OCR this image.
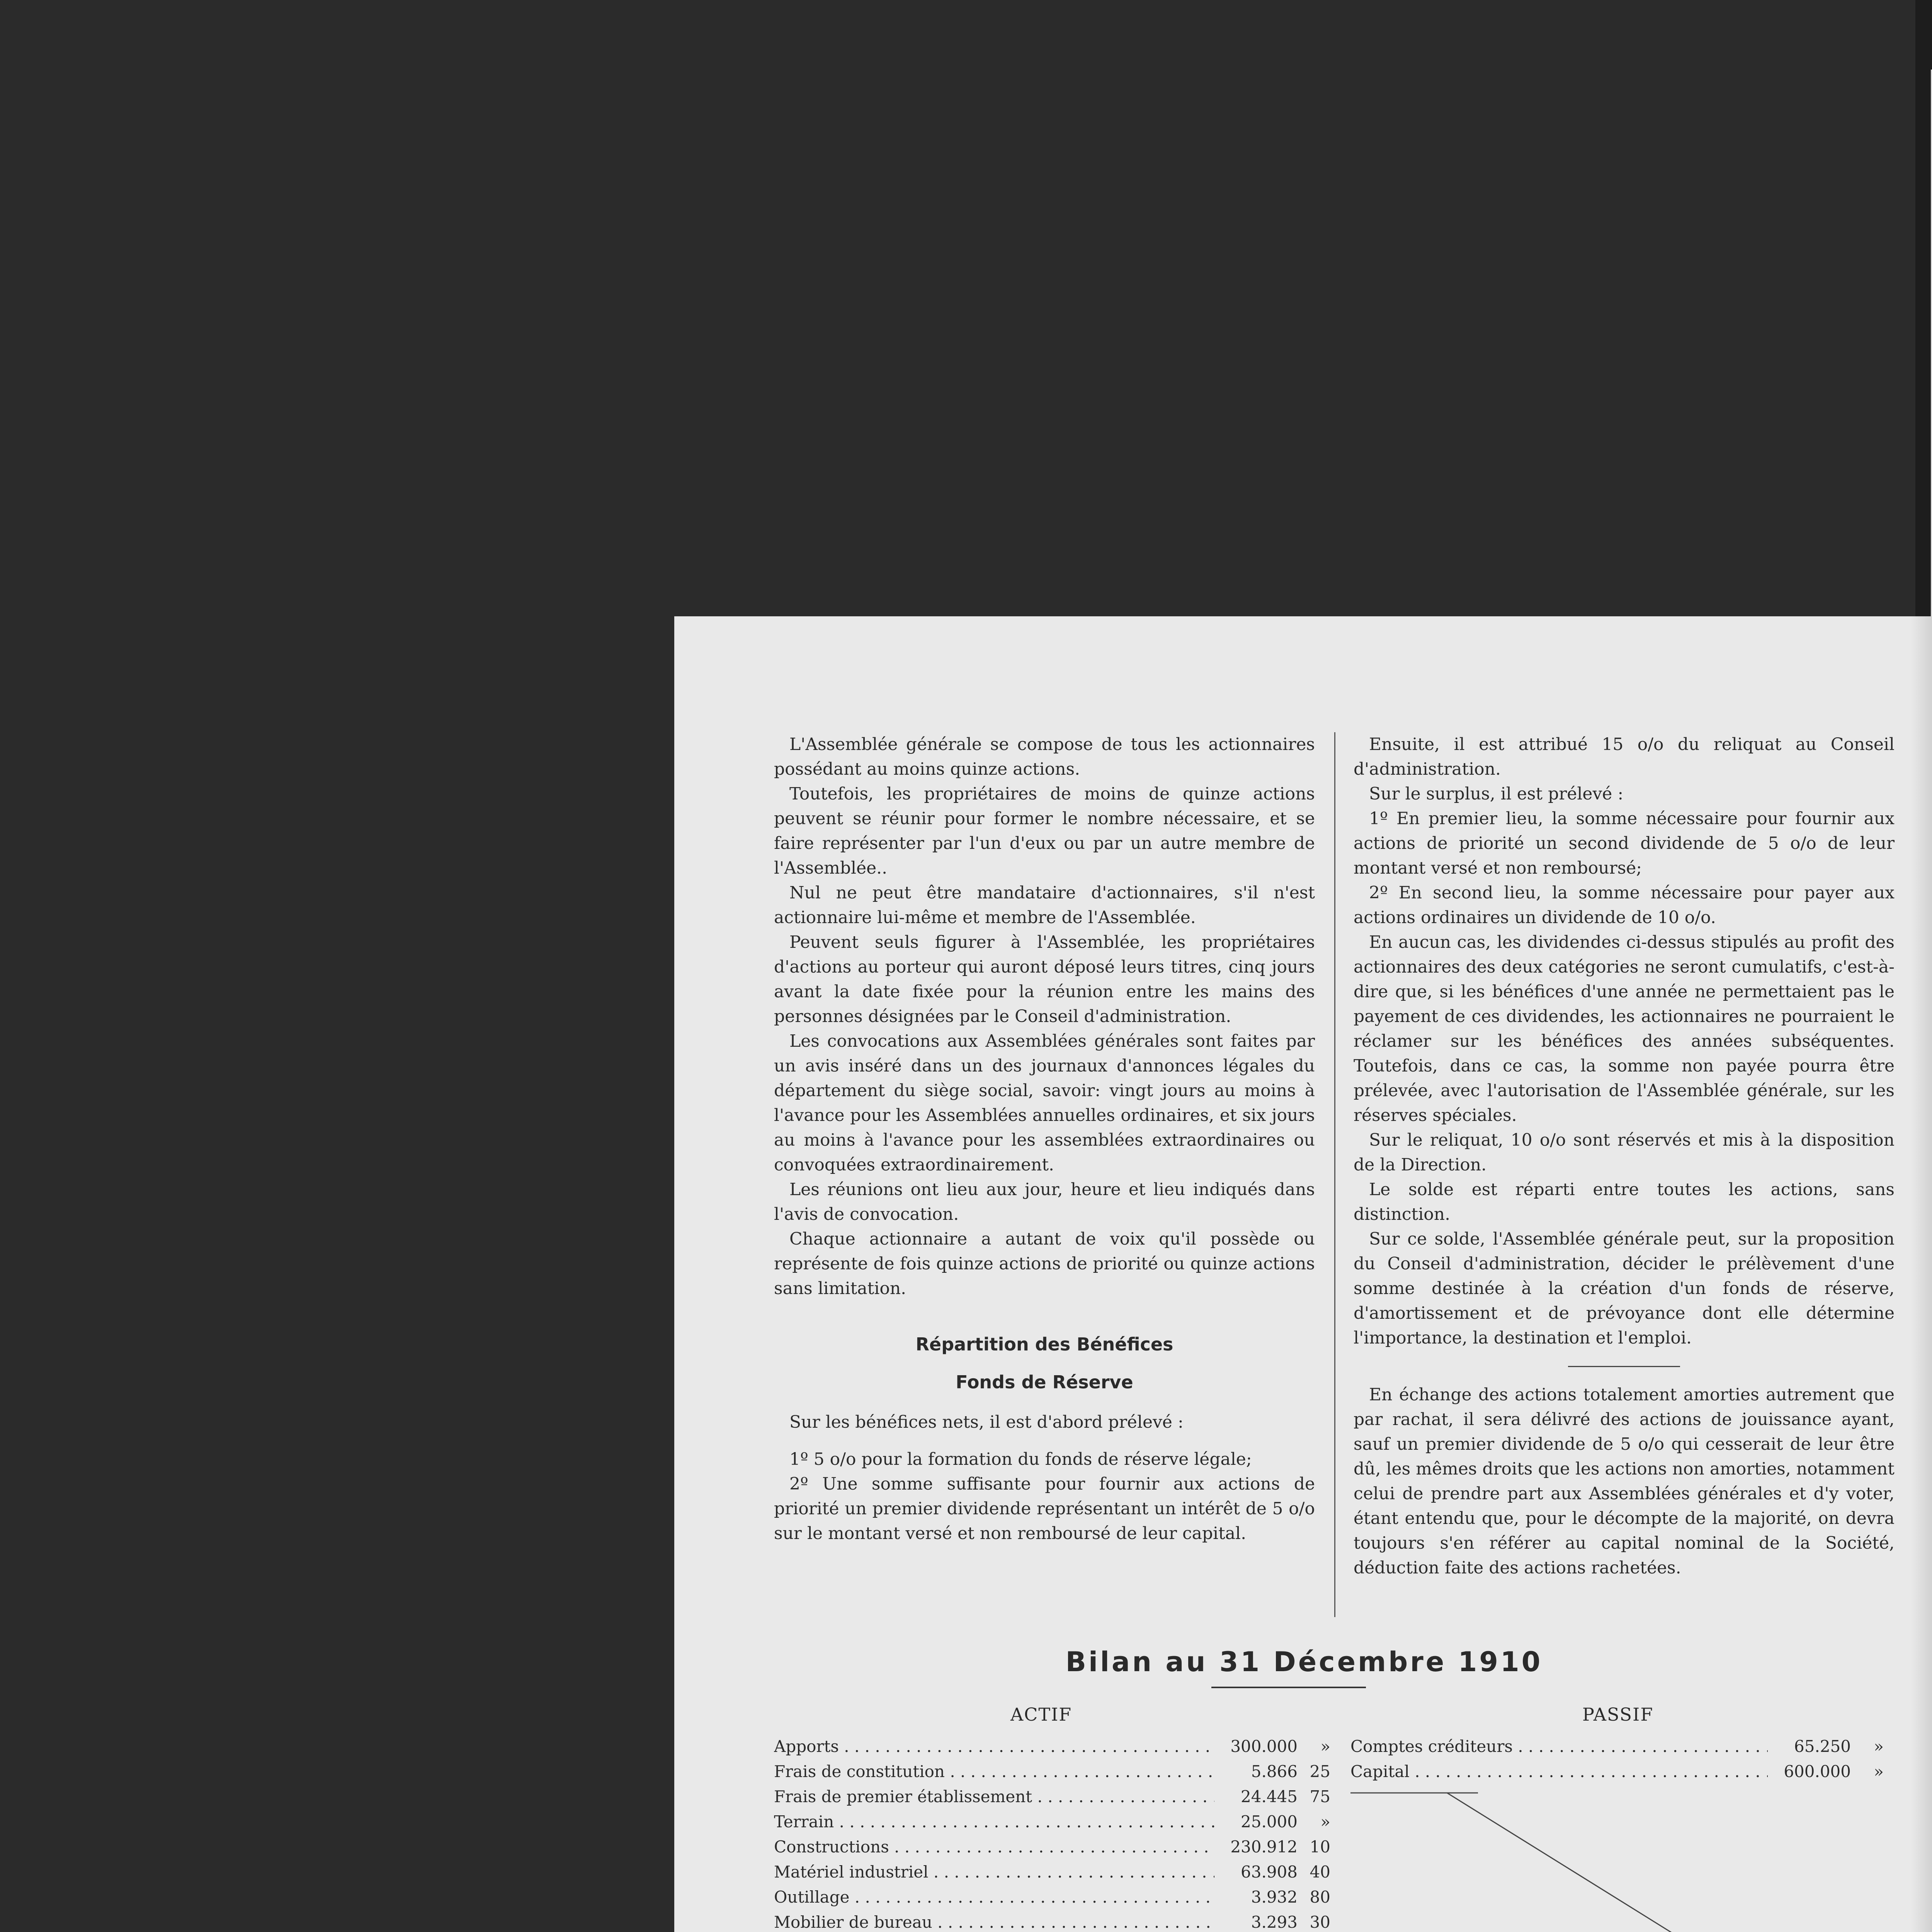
L'Assemblée générale se compose de tous les actionnaires possédant au moins quinze actions.

Toutefois, les propriétaires de moins de quinze actions peuvent se réunir pour former le nombre nécessaire, et se faire représenter par l'un d'eux ou par un autre membre de l'Assemblée..

Nul ne peut être mandataire d'actionnaires, s'il n'est actionnaire lui-même et membre de l'Assemblée.

Peuvent seuls figurer à l'Assemblée, les propriétaires d'actions au porteur qui auront déposé leurs titres, cinq jours avant la date fixée pour la réunion entre les mains des personnes désignées par le Conseil d'administration.

Les convocations aux Assemblées générales sont faites par un avis inséré dans un des journaux d'annonces légales du département du siège social, savoir: vingt jours au moins à l'avance pour les Assemblées annuelles ordinaires, et six jours au moins à l'avance pour les assemblées extraordinaires ou convoquées extraordinairement.

Les réunions ont lieu aux jour, heure et lieu indiqués dans l'avis de convocation.

Chaque actionnaire a autant de voix qu'il possède ou représente de fois quinze actions de priorité ou quinze actions sans limitation.

Répartition des Bénéfices

Fonds de Réserve

Sur les bénéfices nets, il est d'abord prélevé :

1º 5 o/o pour la formation du fonds de réserve légale;

2º Une somme suffisante pour fournir aux actions de priorité un premier dividende représentant un intérêt de 5 o/o sur le montant versé et non remboursé de leur capital.

Ensuite, il est attribué 15 o/o du reliquat au Conseil d'administration.

Sur le surplus, il est prélevé :

1º En premier lieu, la somme nécessaire pour fournir aux actions de priorité un second dividende de 5 o/o de leur montant versé et non remboursé;

2º En second lieu, la somme nécessaire pour payer aux actions ordinaires un dividende de 10 o/o.

En aucun cas, les dividendes ci-dessus stipulés au profit des actionnaires des deux catégories ne seront cumulatifs, c'est-à-dire que, si les bénéfices d'une année ne permettaient pas le payement de ces dividendes, les actionnaires ne pourraient le réclamer sur les bénéfices des années subséquentes. Toutefois, dans ce cas, la somme non payée pourra être prélevée, avec l'autorisation de l'Assemblée générale, sur les réserves spéciales.

Sur le reliquat, 10 o/o sont réservés et mis à la disposition de la Direction.

Le solde est réparti entre toutes les actions, sans distinction.

Sur ce solde, l'Assemblée générale peut, sur la proposition du Conseil d'administration, décider le prélèvement d'une somme destinée à la création d'un fonds de réserve, d'amortissement et de prévoyance dont elle détermine l'importance, la destination et l'emploi.

En échange des actions totalement amorties autrement que par rachat, il sera délivré des actions de jouissance ayant, sauf un premier dividende de 5 o/o qui cesserait de leur être dû, les mêmes droits que les actions non amorties, notamment celui de prendre part aux Assemblées générales et d'y voter, étant entendu que, pour le décompte de la majorité, on devra toujours s'en référer au capital nominal de la Société, déduction faite des actions rachetées.

Bilan au 31 Décembre 1910
ACTIF	PASSIF
Apports . . .	300.000	»
Frais de constitution . . .	5.866 25
Frais de premier établissement . . .	24.445 75
Terrain . . .	25.000	»
Constructions . . .	230.912 10
Matériel industriel . . .	63.908 40
Outillage . . .	3.932 80
Mobilier de bureau . . .	3.293 30
Comptes créditeurs . . .	65.250	»
Capital . . .	600.000	»
